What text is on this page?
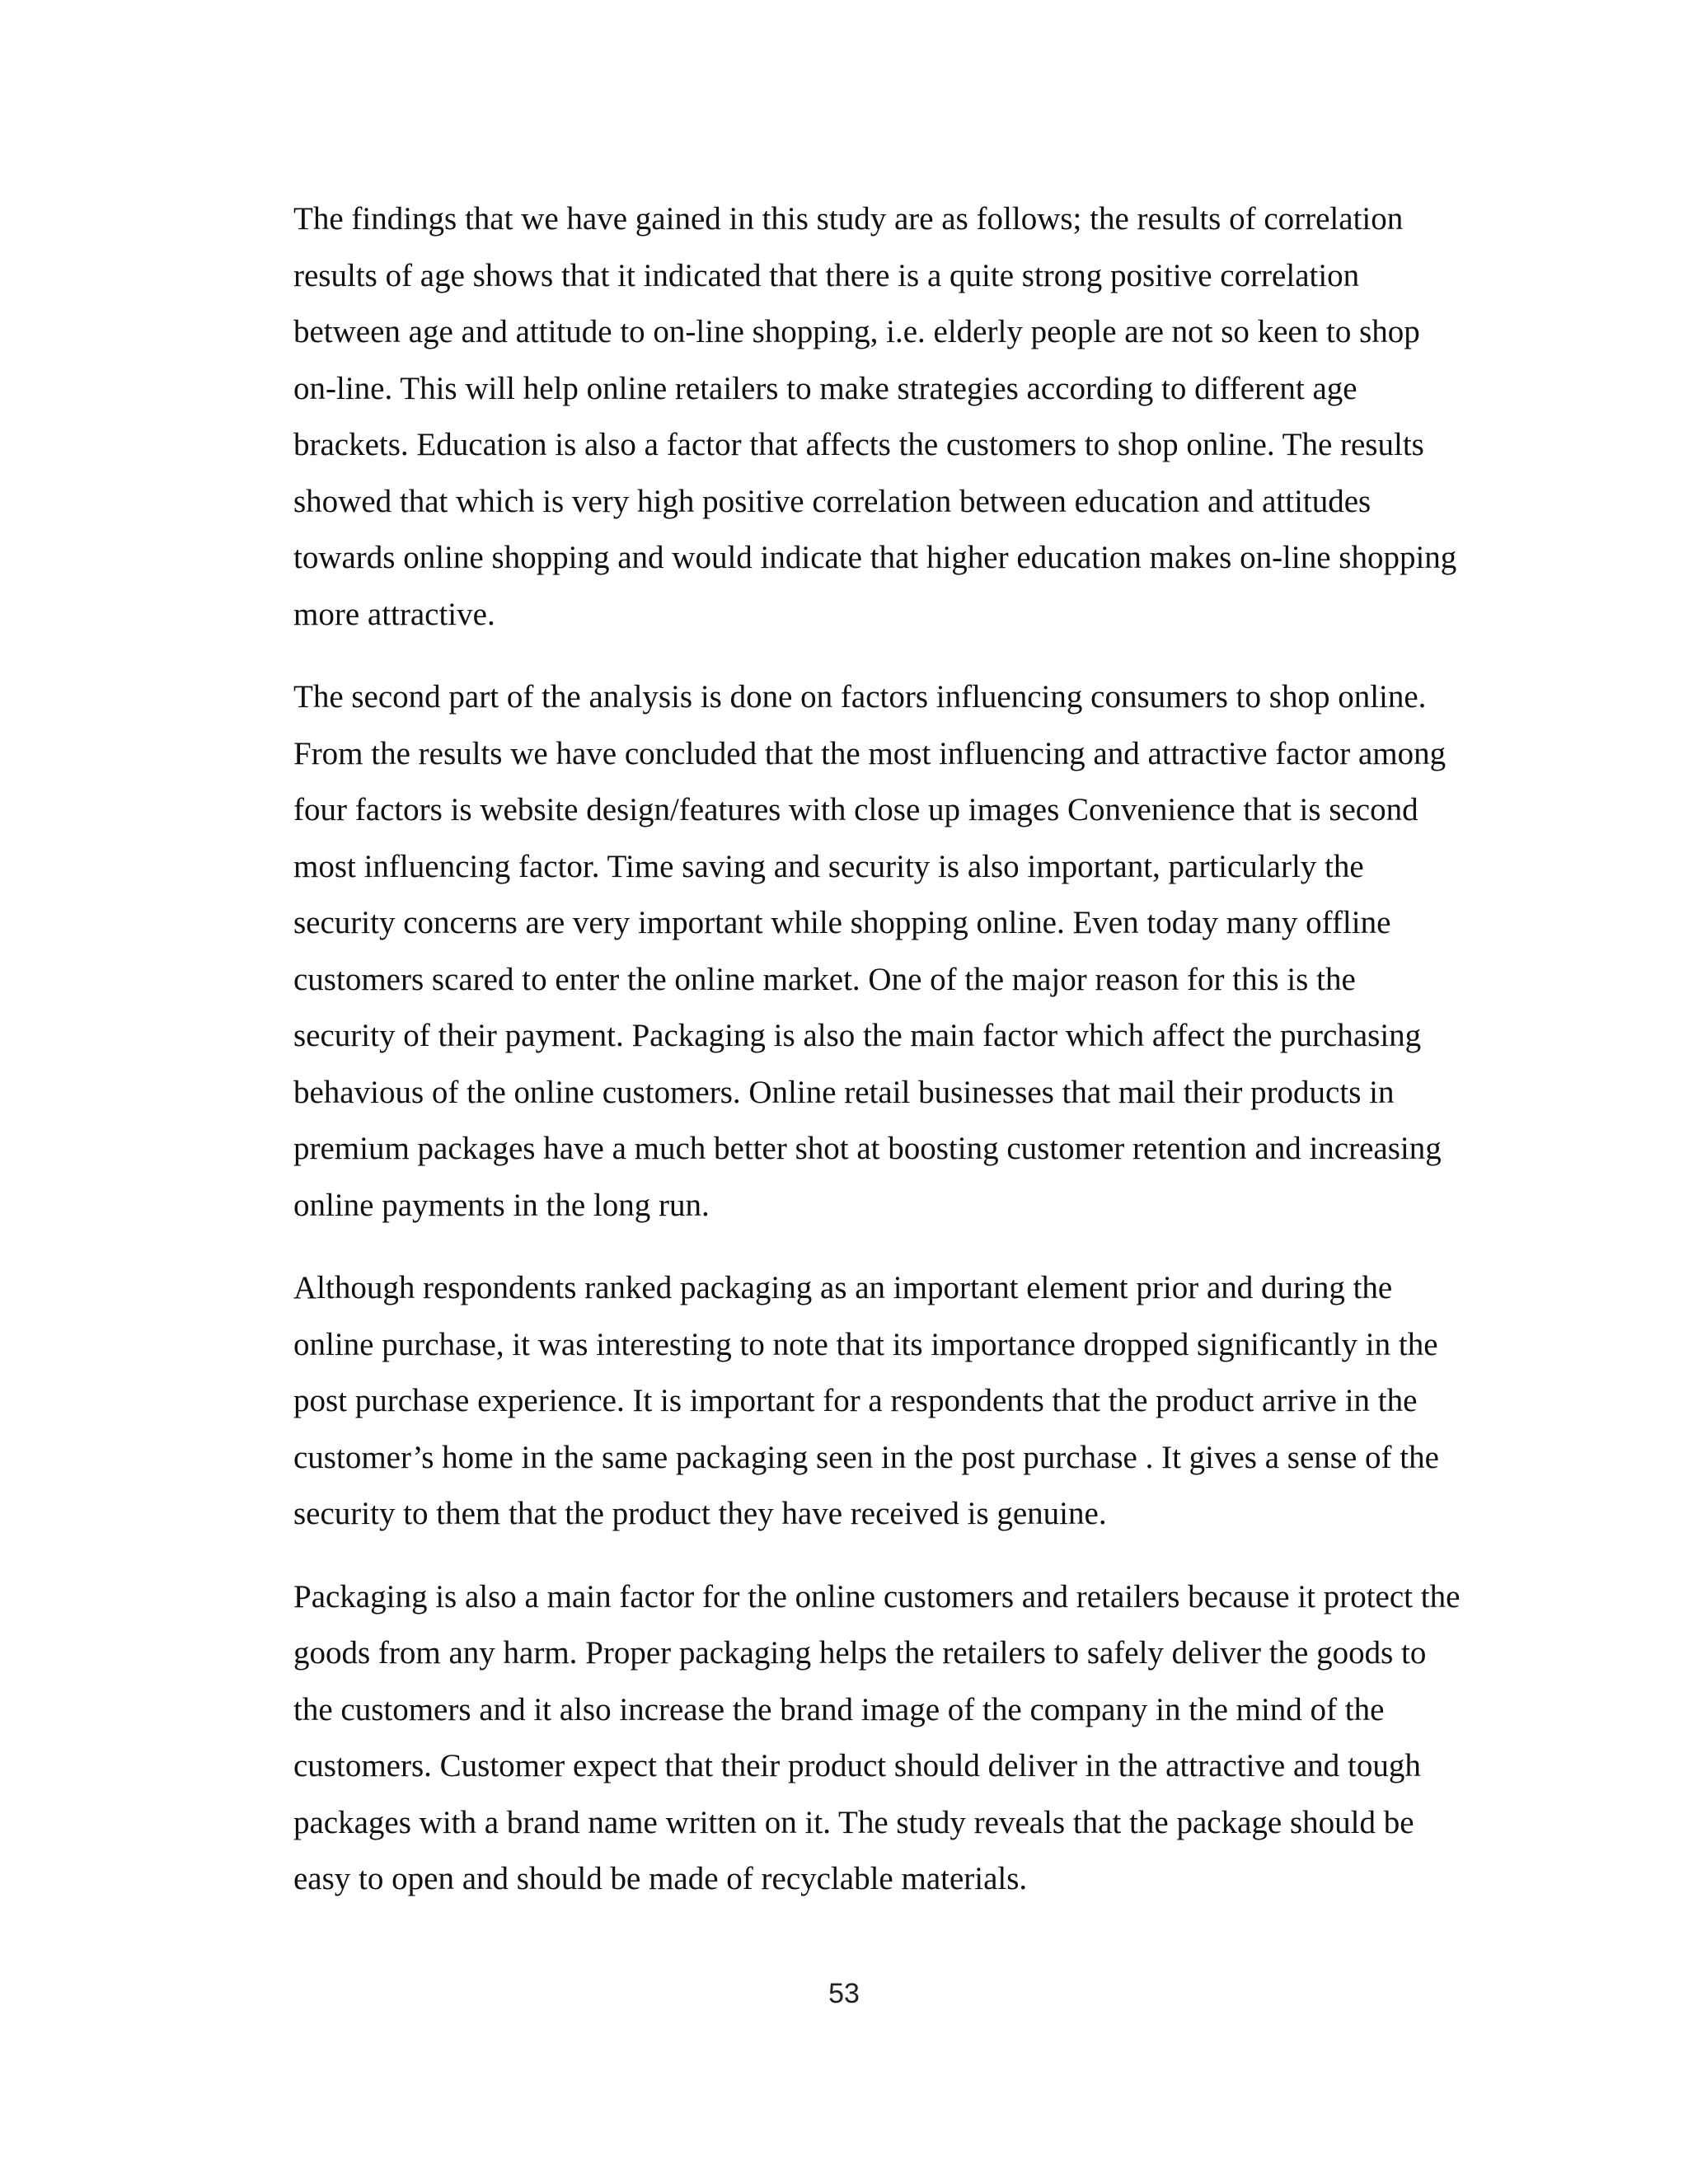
The findings that we have gained in this study are as follows; the results of correlation results of age shows that it indicated that there is a quite strong positive correlation between age and attitude to on-line shopping, i.e. elderly people are not so keen to shop on-line. This will help online retailers to make strategies according to different age brackets. Education is also a factor that affects the customers to shop online. The results showed that which is very high positive correlation between education and attitudes towards online shopping and would indicate that higher education makes on-line shopping more attractive.

The second part of the analysis is done on factors influencing consumers to shop online. From the results we have concluded that the most influencing and attractive factor among four factors is website design/features with close up images Convenience that is second most influencing factor. Time saving and security is also important, particularly the security concerns are very important while shopping online. Even today many offline customers scared to enter the online market. One of the major reason for this is the security of their payment. Packaging is also the main factor which affect the purchasing behavious of the online customers. Online retail businesses that mail their products in premium packages have a much better shot at boosting customer retention and increasing online payments in the long run.

Although respondents ranked packaging as an important element prior and during the online purchase, it was interesting to note that its importance dropped significantly in the post purchase experience. It is important for a respondents that the product arrive in the customer’s home in the same packaging seen in the post purchase . It gives a sense of the security to them that the product they have received is genuine.

Packaging is also a main factor for the online customers and retailers because it protect the goods from any harm. Proper packaging helps the retailers to safely deliver the goods to the customers and it also increase the brand image of the company in the mind of the customers. Customer expect that their product should deliver in the attractive and tough packages with a brand name written on it. The study reveals that the package should be easy to open and should be made of recyclable materials.

53
